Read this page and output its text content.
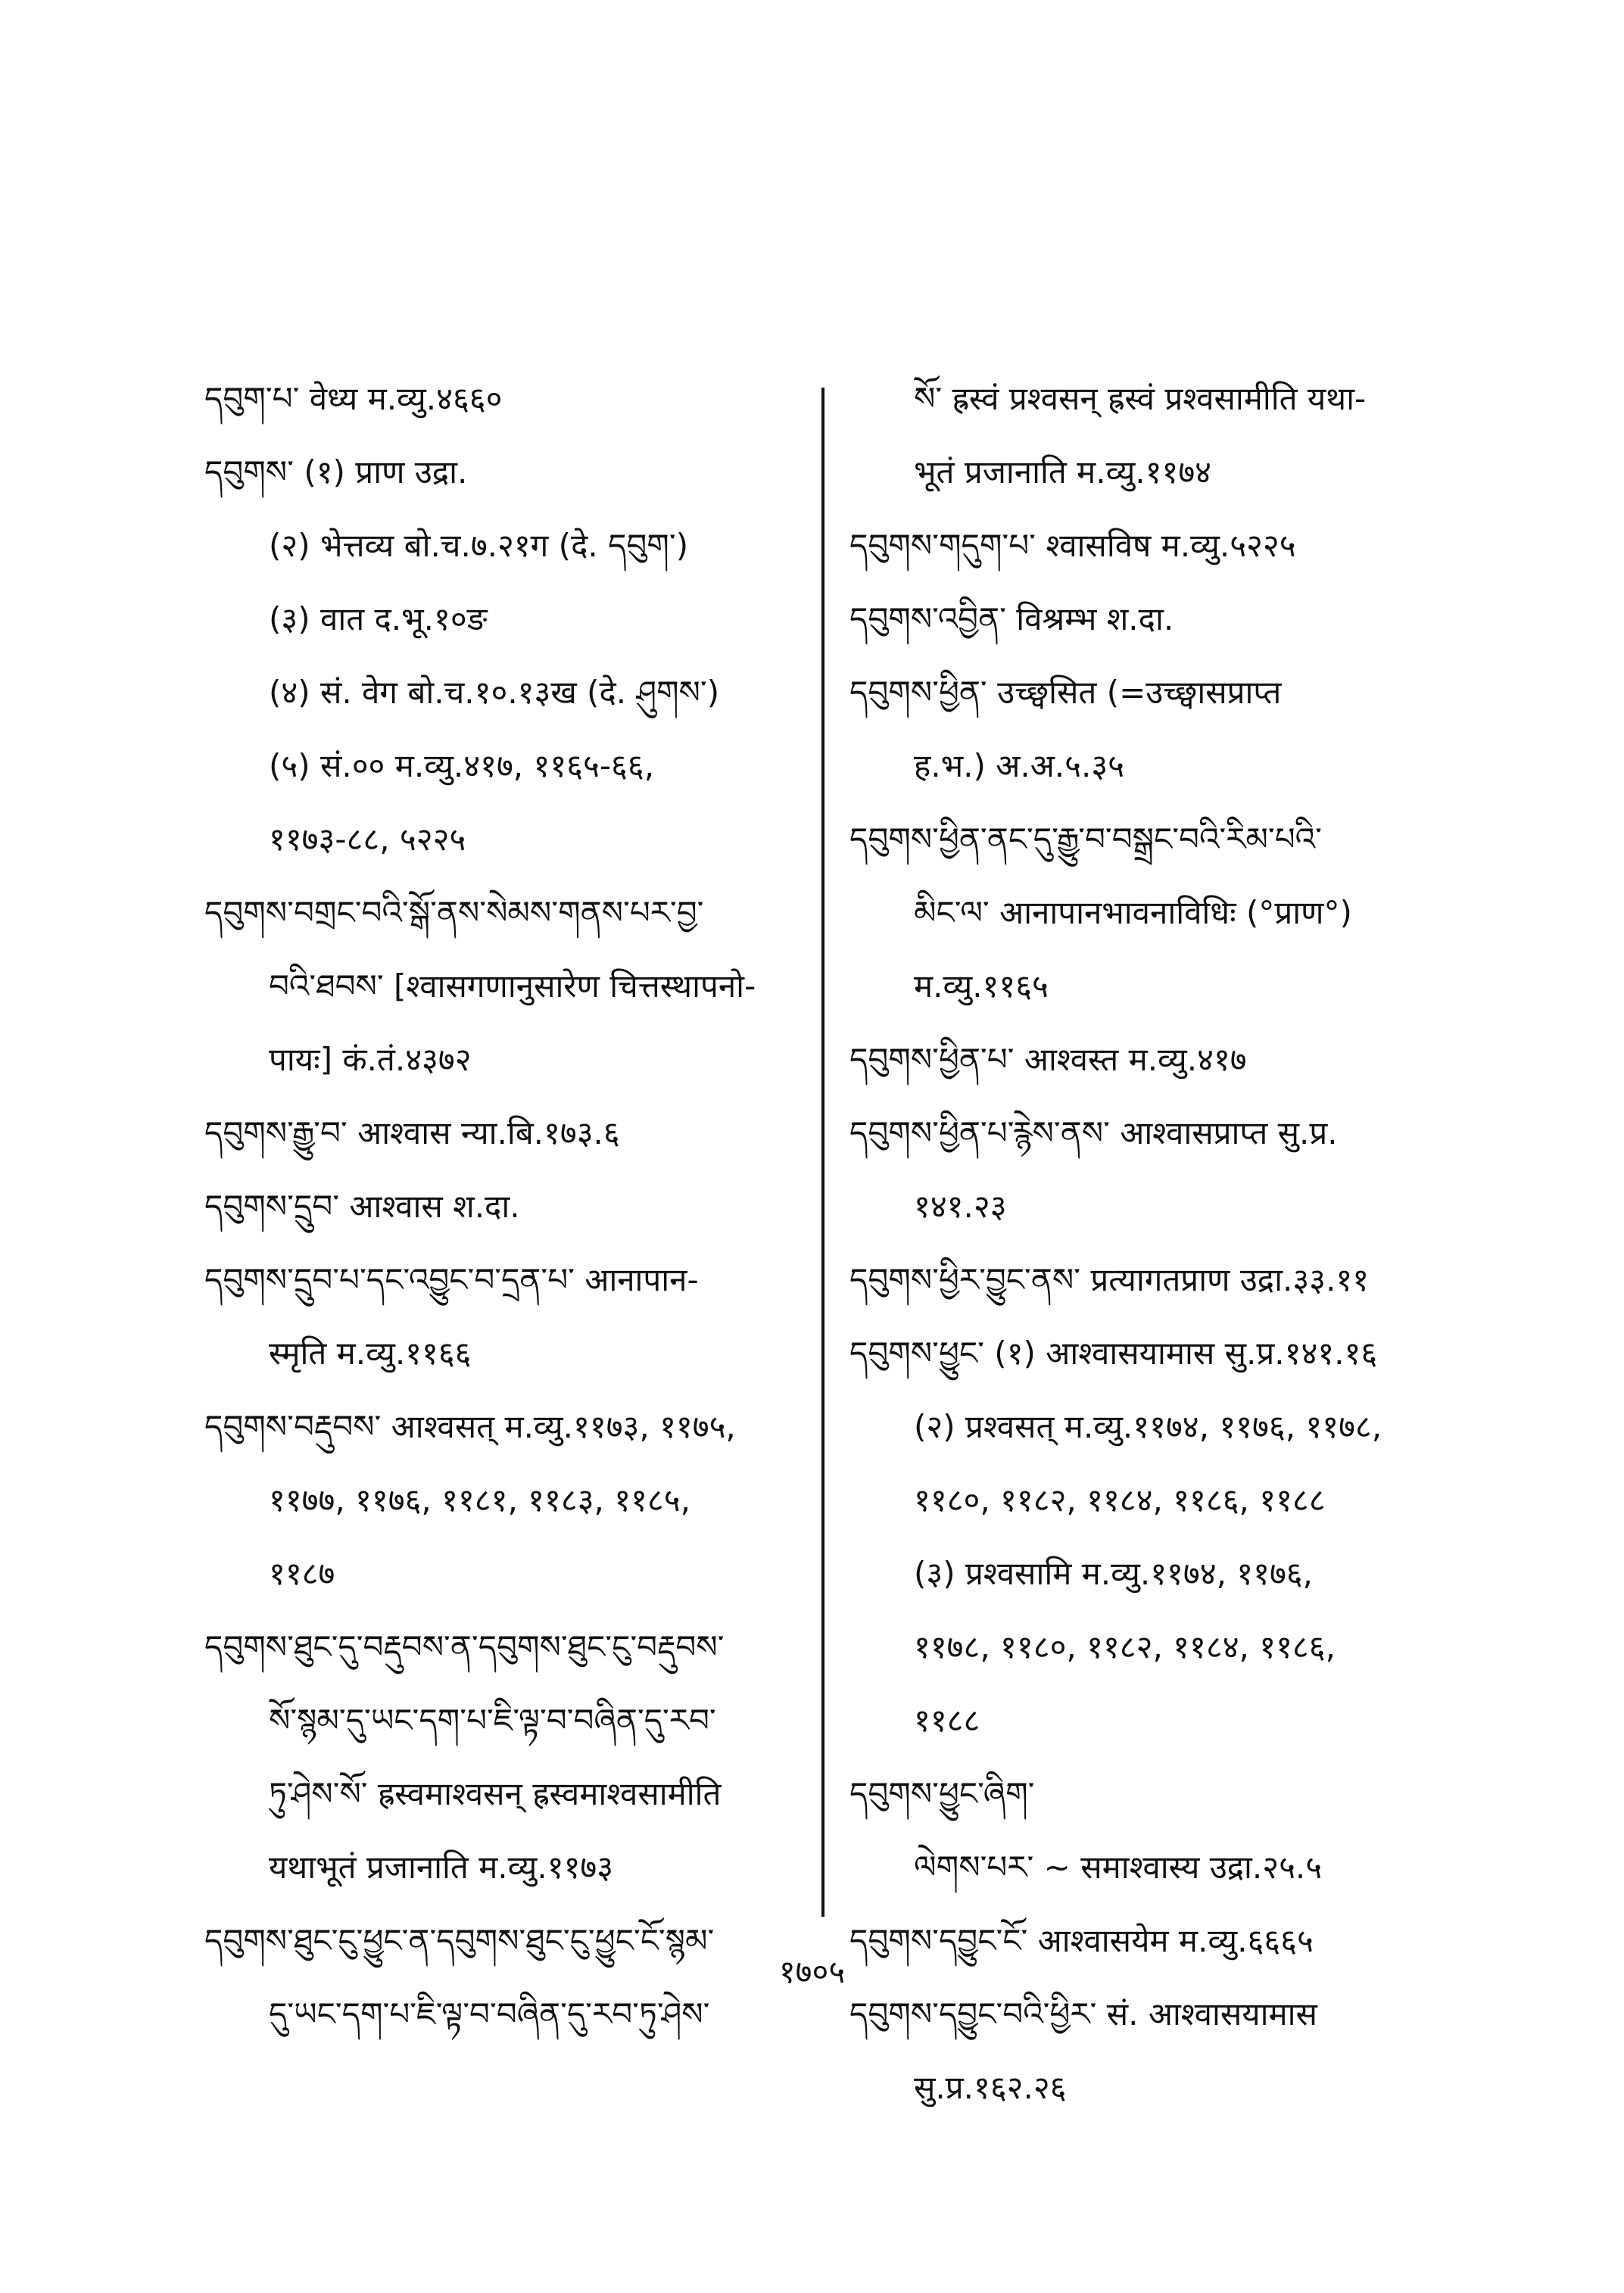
དབུག་པ་ वेध्य म.व्यु.४६६०
དབུགས་ (१) प्राण उद्रा.
(२) भेत्तव्य बो.च.७.२१ग (दे. དབུག་)
(३) वात द.भू.१०ङ
(४) सं. वेग बो.च.१०.१३ख (दे. ཤུགས་)
(५) सं.०० म.व्यु.४१७, ११६५-६६,
११७३-८८, ५२२५
དབུགས་བགྲང་བའི་སྒོ་ནས་སེམས་གནས་པར་བྱ་
བའི་ཐབས་ [श्वासगणानुसारेण चित्तस्थापनो-
पायः] कं.तं.४३७२
དབུགས་རྒྱུ་བ་ आश्वास न्या.बि.१७३.६
དབུགས་དྲུབ་ आश्वास श.दा.
དབུགས་དྲུབ་པ་དང་འབྱུང་བ་དྲན་པ་ आनापान-
स्मृति म.व्यु.११६६
དབུགས་བརྡུབས་ आश्वसत् म.व्यु.११७३, ११७५,
११७७, ११७६, ११८१, ११८३, ११८५,
११८७
དབུགས་ཐུང་དུ་བརྡུབས་ན་དབུགས་ཐུང་ངུ་བརྡུབས་
སོ་སྙམ་དུ་ཡང་དག་པ་ཇི་ལྟ་བ་བཞིན་དུ་རབ་
ཏུ་ཤེས་སོ་ ह्रस्वमाश्वसन् ह्रस्वमाश्वसामीति
यथाभूतं प्रजानाति म.व्यु.११७३
དབུགས་ཐུང་ངུ་ཕྱུང་ན་དབུགས་ཐུང་ངུ་ཕྱུང་ངོ་སྙམ་
དུ་ཡང་དག་པ་ཇི་ལྟ་བ་བཞིན་དུ་རབ་ཏུ་ཤེས་
སོ་ ह्रस्वं प्रश्वसन् ह्रस्वं प्रश्वसामीति यथा-
भूतं प्रजानाति म.व्यु.११७४
དབུགས་གདུག་པ་ श्वासविष म.व्यु.५२२५
དབུགས་འབྱིན་ विश्रम्भ श.दा.
དབུགས་ཕྱིན་ उच्छ्वसित (=उच्छ्वासप्राप्त
ह.भ.) अ.अ.५.३५
དབུགས་ཕྱིན་ནང་དུ་རྒྱུ་བ་བསྒྲང་བའི་རིམ་པའི་
མིང་ལ་ आनापानभावनाविधिः (°प्राण°)
म.व्यु.११६५
དབུགས་ཕྱིན་པ་ आश्वस्त म.व्यु.४१७
དབུགས་ཕྱིན་པ་རྙེས་ནས་ आश्वासप्राप्त सु.प्र.
१४१.२३
དབུགས་ཕྱིར་བྱུང་ནས་ प्रत्यागतप्राण उद्रा.३३.११
དབུགས་ཕྱུང་ (१) आश्वासयामास सु.प्र.१४१.१६
(२) प्रश्वसत् म.व्यु.११७४, ११७६, ११७८,
११८०, ११८२, ११८४, ११८६, ११८८
(३) प्रश्वसामि म.व्यु.११७४, ११७६,
११७८, ११८०, ११८२, ११८४, ११८६,
११८८
དབུགས་ཕྱུང་ཞིག་
ལེགས་པར་ ~ समाश्वास्य उद्रा.२५.५
དབུགས་དབྱུང་ངོ་ आश्वासयेम म.व्यु.६६६५
དབུགས་དབྱུང་བའི་ཕྱིར་ सं. आश्वासयामास
सु.प्र.१६२.२६
१७०५
